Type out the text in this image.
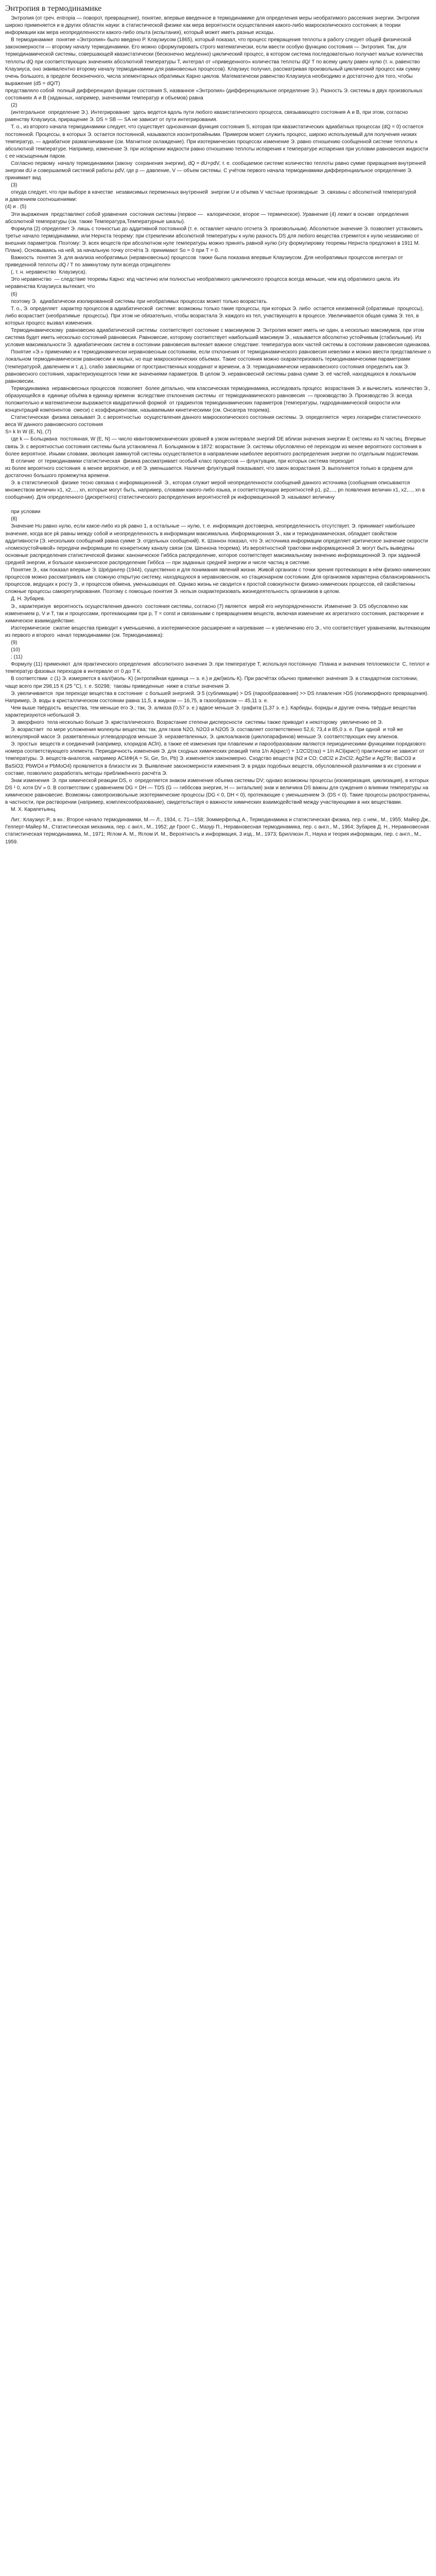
Энтропия в термодинамике
Энтропия (от греч. entropia — поворот, превращение), понятие, впервые введенное в термодинамике для определения меры необратимого рассеяния энергии. Энтропия широко применяется и в других областях науки: в статистической физике как мера вероятности осуществления какого-либо макроскопического состояния; в теории информации как мера неопределенности какого-либо опыта (испытания), который может иметь разные исходы.
В термодинамике  понятие «Энтропия» было введено Р. Клаузиусом (1865), который показал, что процесс превращения теплоты в работу следует общей физической закономерности — второму началу термодинамики. Его можно сформулировать строго математически, если ввести особую функцию состояния — Энтропия. Так, для термодинамической системы, совершающей квазистатически (бесконечно медленно) циклический процесс, в котором система последовательно получает малые количества теплоты dQ при соответствующих значениях абсолютной температуры Т, интеграл от «приведенного» количества теплоты dQ/ Т по всему циклу равен нулю (т. н. равенство Клаузиуса, оно эквивалентно второму началу термодинамики для равновесных процессов). Клаузиус получил, рассматривая произвольный циклический процесс как сумму очень большого, в пределе бесконечного, числа элементарных обратимых Карно циклов. Математически равенство Клаузиуса необходимо и достаточно для того, чтобы выражение (d5 = dQ/Т)
представляло собой  полный дифференциал функции состояния S, названное «Энтропия» (дифференциальное определение Э.). Разность Э. системы в двух произвольных состояниях А и В (заданных, например, значениями температур и объемов) равна
(2)
(интегральное  определение Э.). Интегрирование  здесь ведется вдоль пути любого квазистатического процесса, связывающего состояния А и В, при этом, согласно равенству Клаузиуса, приращение Э. DS = SB — SA не зависит от пути интегрирования.
Т. о., из второго начала термодинамики следует, что существует однозначная функция состояния S, которая при квазистатических адиабатных процессах (dQ = 0) остается постоянной. Процессы, в которых Э. остается постоянной, называются изоэнтропийными. Примером может служить процесс, широко используемый для получения низких температур, — адиабатное размагничивание (см. Магнитное охлаждение). При изотермических процессах изменение Э. равно отношению сообщенной системе теплоты к абсолютной температуре. Например, изменение Э. при испарении жидкости равно отношению теплоты испарения к температуре испарения при условии равновесия жидкости с ее насыщенным паром.
Согласно первому  началу термодинамики (закону  сохранения энергии), dQ = dU+pdV, т. е. сообщаемое системе количество теплоты равно сумме приращения внутренней энергии dU и совершаемой системой работы pdV, где р — давление, V — объем системы. С учётом первого начала термодинамики дифференциальное определение Э. принимает вид
(3)
откуда следует, что при выборе в качестве  независимых переменных внутренней  энергии U и объема V частные производные  Э. связаны с абсолютной температурой
и давлением соотношениями:
(4) и . (5)
Эти выражения  представляют собой уравнения  состояния системы (первое —   калорическое, второе — термическое). Уравнение (4) лежит в основе  определения абсолютной температуры (см. также Температура,Температурные шкалы).
Формула (2) определяет Э. лишь с точностью до аддитивной постоянной (т. е. оставляет начало отсчета Э. произвольным). Абсолютное значение Э. позволяет установить третье начало термодинамики, или Нернста теорему: при стремлении абсолютной температуры к нулю разность DS для любого вещества стремится к нулю независимо от внешних параметров. Поэтому: Э. всех веществ при абсолютном нуле температуры можно принять равной нулю (эту формулировку теоремы Нернста предложил в 1911 М. Планк). Основываясь на ней, за начальную точку отсчёта Э. принимают So = 0 при Т = 0.
Важность  понятия Э. для анализа необратимых (неравновесных) процессов  также была показана впервые Клаузиусом. Для необратимых процессов интеграл от приведенной теплоты dQ / Т по замкнутому пути всегда отрицателен
(, т. н. неравенство  Клаузиуса).
Это неравенство  — следствие теоремы Карно: кпд частично или полностью необратимого циклического процесса всегда меньше, чем кпд обратимого цикла. Из неравенства Клаузиуса вытекает, что
(6)
поэтому Э.  адиабатически изолированной системы при необратимых процессах может только возрастать.
Т. о., Э. определяет  характер процессов в адиабатической  системе: возможны только такие процессы, при которых Э. либо  остается неизменной (обратимые  процессы), либо возрастает (необратимые  процессы). При этом не обязательно, чтобы возрастала Э. каждого из тел, участвующего в процессе. Увеличивается общая сумма Э. тел, в которых процесс вызвал изменения.
Термодинамическому  равновесию адиабатической системы  соответствует состояние с максимумом Э. Энтропия может иметь не один, а несколько максимумов, при этом система будет иметь несколько состояний равновесия. Равновесие, которому соответствует наибольший максимум Э., называется абсолютно устойчивым (стабильным). Из условия максимальности Э. адиабатических систем в состоянии равновесия вытекает важное следствие: температура всех частей системы в состоянии равновесия одинакова.
Понятие «Э.» применимо и к термодинамически неравновесным состояниям, если отклонения от термодинамического равновесия невелики и можно ввести представление о локальном термодинамическом равновесии в малых, но еще макроскопических объемах. Такие состояния можно охарактеризовать термодинамическими параметрами (температурой, давлением и т. д.), слабо зависящими от пространственных координат и времени, а Э. термодинамически неравновесного состояния определить как Э. равновесного состояния, характеризующегося теми же значениями параметров. В целом Э. неравновесной системы равна сумме Э. её частей, находящихся в локальном равновесии.
Термодинамика  неравновесных процессов  позволяет  более детально, чем классическая термодинамика, исследовать процесс  возрастания Э. и вычислить  количество Э., образующейся в  единице объёма в единицу времени  вследствие отклонения системы  от термодинамического равновесия  — производство Э. Производство Э. всегда положительно и математически выражается квадратичной формой  от градиентов термодинамических параметров (температуры, гидродинамической скорости или концентраций компонентов  смеси) с коэффициентами, называемыми кинетическими (см. Онсагера теорема).
Статистическая  физика связывает Э. с вероятностью  осуществления данного макроскопического состояния системы. Э. определяется  через логарифм статистического веса W данного равновесного состояния
S= k ln W (E, N), (7)
где k — Больцмана  постоянная, W (E, N) — число квантовомеханических уровней в узком интервале энергий DE вблизи значения энергии Е системы из N частиц. Впервые связь Э. с вероятностью состояния системы была установлена Л. Больцманом в 1872: возрастание Э. системы обусловлено её переходом из менее вероятного состояния в более вероятное. Иными словами, эволюция замкнутой системы осуществляется в направлении наиболее вероятного распределения энергии по отдельным подсистемам.
В отличие  от термодинамики статистическая  физика рассматривает особый класс процессов — флуктуации, при которых система переходит
из более вероятного состояния  в менее вероятное, и её Э. уменьшается. Наличие флуктуаций показывает, что закон возрастания Э. выполняется только в среднем для достаточно большого промежутка времени.
Э. в статистической  физике тесно связана с информационной  Э., которая служит мерой неопределенности сообщений данного источника (сообщения описываются множеством величин x1, x2,..., xn, которые могут быть, например, словами какого-либо языка, и соответствующих вероятностей p1, p2,..., pn появления величин x1, x2,..., xn в сообщении). Для определенного (дискретного) статистического распределения вероятностей рк информационной Э. называют величину
при условии
(8)
Значение Нu равно нулю, если какое-либо из pk равно 1, а остальные — нулю, т. е. информация достоверна, неопределенность отсутствует. Э. принимает наибольшее значение, когда все pk равны между собой и неопределенность в информации максимальна. Информационная Э., как и термодинамическая, обладает свойством аддитивности (Э. нескольких сообщений равна сумме Э. отдельных сообщений). К. Шэннон показал, что Э. источника информации определяет критическое значение скорости «помехоустойчивой» передачи информации по конкретному каналу связи (см. Шеннона теорема). Из вероятностной трактовки информационной Э. могут быть выведены основные распределения статистической физики: каноническое Гиббса распределение, которое соответствует максимальному значению информационной Э. при заданной средней энергии, и большое каноническое распределение Гиббса — при заданных средней энергии и числе частиц в системе.
Понятие Э., как показал впервые Э. Шрёдингер (1944), существенно и для понимания явлений жизни. Живой организм с точки зрения протекающих в нём физико-химических процессов можно рассматривать как сложную открытую систему, находящуюся в неравновесном, но стационарном состоянии. Для организмов характерна сбалансированность процессов, ведущих к росту Э., и процессов обмена, уменьшающих её. Однако жизнь не сводится к простой совокупности физико-химических процессов, ей свойственны сложные процессы саморегулирования. Поэтому с помощью понятия Э. нельзя охарактеризовать жизнедеятельность организмов в целом.
Д. Н. Зубарев.
Э., характеризуя  вероятность осуществления данного  состояния системы, согласно (7) является  мерой его неупорядоченности. Изменение Э. DS обусловлено как  изменением р, V и Т, так и процессами, протекающими при р, Т = const и связанными с превращением веществ, включая изменение их агрегатного состояния, растворение и химическое взаимодействие.
Изотермическое  сжатие вещества приводит к уменьшению, а изотермическое расширение и нагревание — к увеличению его Э., что соответствует уравнениям, вытекающим из первого и второго  начал термодинамики (см. Термодинамика):
(9)
(10)
; (11)
Формулу (11) применяют  для практического определения  абсолютного значения Э. при температуре Т, используя постоянную  Планка и значения теплоемкости  С, теплот и температур фазовых переходов в интервале от 0 до Т К.
В соответствии  с (1) Э. измеряется в кал/(моль· К) (энтропийная единица — э. е.) и дж/(моль·К). При расчётах обычно применяют значения Э. в стандартном состоянии, чаще всего при 298,15 К (25 °С), т. е. S0298;  таковы приведенные  ниже в статье значения Э.
Э. увеличивается  при переходе вещества в состояние  с большей энергией. Э 5 (сублимации) > DS (парообразования) >> DS плавления >DS (полиморфного превращения). Например, Э. воды в кристаллическом состоянии равна 11,5, в жидком — 16,75, в газообразном — 45,11 э. е.
Чем выше твёрдость  вещества, тем меньше его Э.; так, Э. алмаза (0,57 э. е.) вдвое меньше Э. графита (1,37 э. е.). Карбиды, бориды и другие очень твёрдые вещества характеризуются небольшой Э.
Э. аморфного  тела несколько больше Э. кристаллического. Возрастание степени дисперсности  системы также приводит к некоторому  увеличению её Э.
Э. возрастает  по мере усложнения молекулы вещества; так, для газов N2O, N2O3 и N2O5 Э. составляет соответственно 52,6; 73,4 и 85,0 э. е. При одной  и той же молекулярной массе Э. разветвленных углеводородов меньше Э. неразветвленных, Э. циклоалканов (циклопарафинов) меньше Э. соответствующих ему алкенов.
Э. простых  веществ и соединений (например, хлоридов АСlп), а также её изменения при плавлении и парообразовании являются периодическими функциями порядкового номера соответствующего элемента. Периодичность изменения Э. для сходных химических реакций типа 1/n А(крист) + 1/2Cl2(газ) = 1/n ACl(крист) практически не зависит от температуры. Э. веществ-аналогов, например AСl4Ф(А = Si, Ge, Sn, Pb) Э. изменяется закономерно. Сходство веществ (N2 и CO; CdCl2 и ZnCl2; Ag2Se и Ag2Te; BaCO3 и BaSiO3; PbWO4 и PbMoO4) проявляется в близости их Э. Выявление закономерности изменения Э. в рядах подобных веществ, обусловленной различиями в их строении и составе, позволило разработать методы приближённого расчёта Э.
Знак изменения  Э. при химической реакции DS, о  определяется знаком изменения объема системы DV; однако возможны процессы (изомеризация, циклизация), в которых DS ¹ 0, хотя DV » 0. В соответствии с уравнением DG = DH — TDS (G — гиббсова энергия, Н — энтальпия) знак и величина DS важны для суждения о влиянии температуры на химическое равновесие. Возможны самопроизвольные экзотермические процессы (DG < 0, DH < 0), протекающие с уменьшением Э. (DS < 0). Такие процессы распространены, в частности, при растворении (например, комплексообразование), свидетельствуя о важности химических взаимодействий между участвующими в них веществами.
М. Х. Карапетьянц.
Лит.: Клаузиус Р., в кн.: Второе начало термодинамики, М.— Л., 1934, с. 71—158; Зоммерфельд А., Термодинамика и статистическая физика, пер. с нем., М., 1955; Майер Дж., Гепперт-Майер М., Статистическая механика, пер. с англ., М., 1952; де Гроот С., Мазур П., Неравновесная термодинамика, пер. с англ., М., 1964; Зубарев Д. Н., Неравновесная статистическая термодинамика, М., 1971; Яглом А. М., Яглом И. М., Вероятность и информация, 3 изд., М., 1973; Бриллюэн Л., Наука и теория информации, пер. с англ., М., 1959.
